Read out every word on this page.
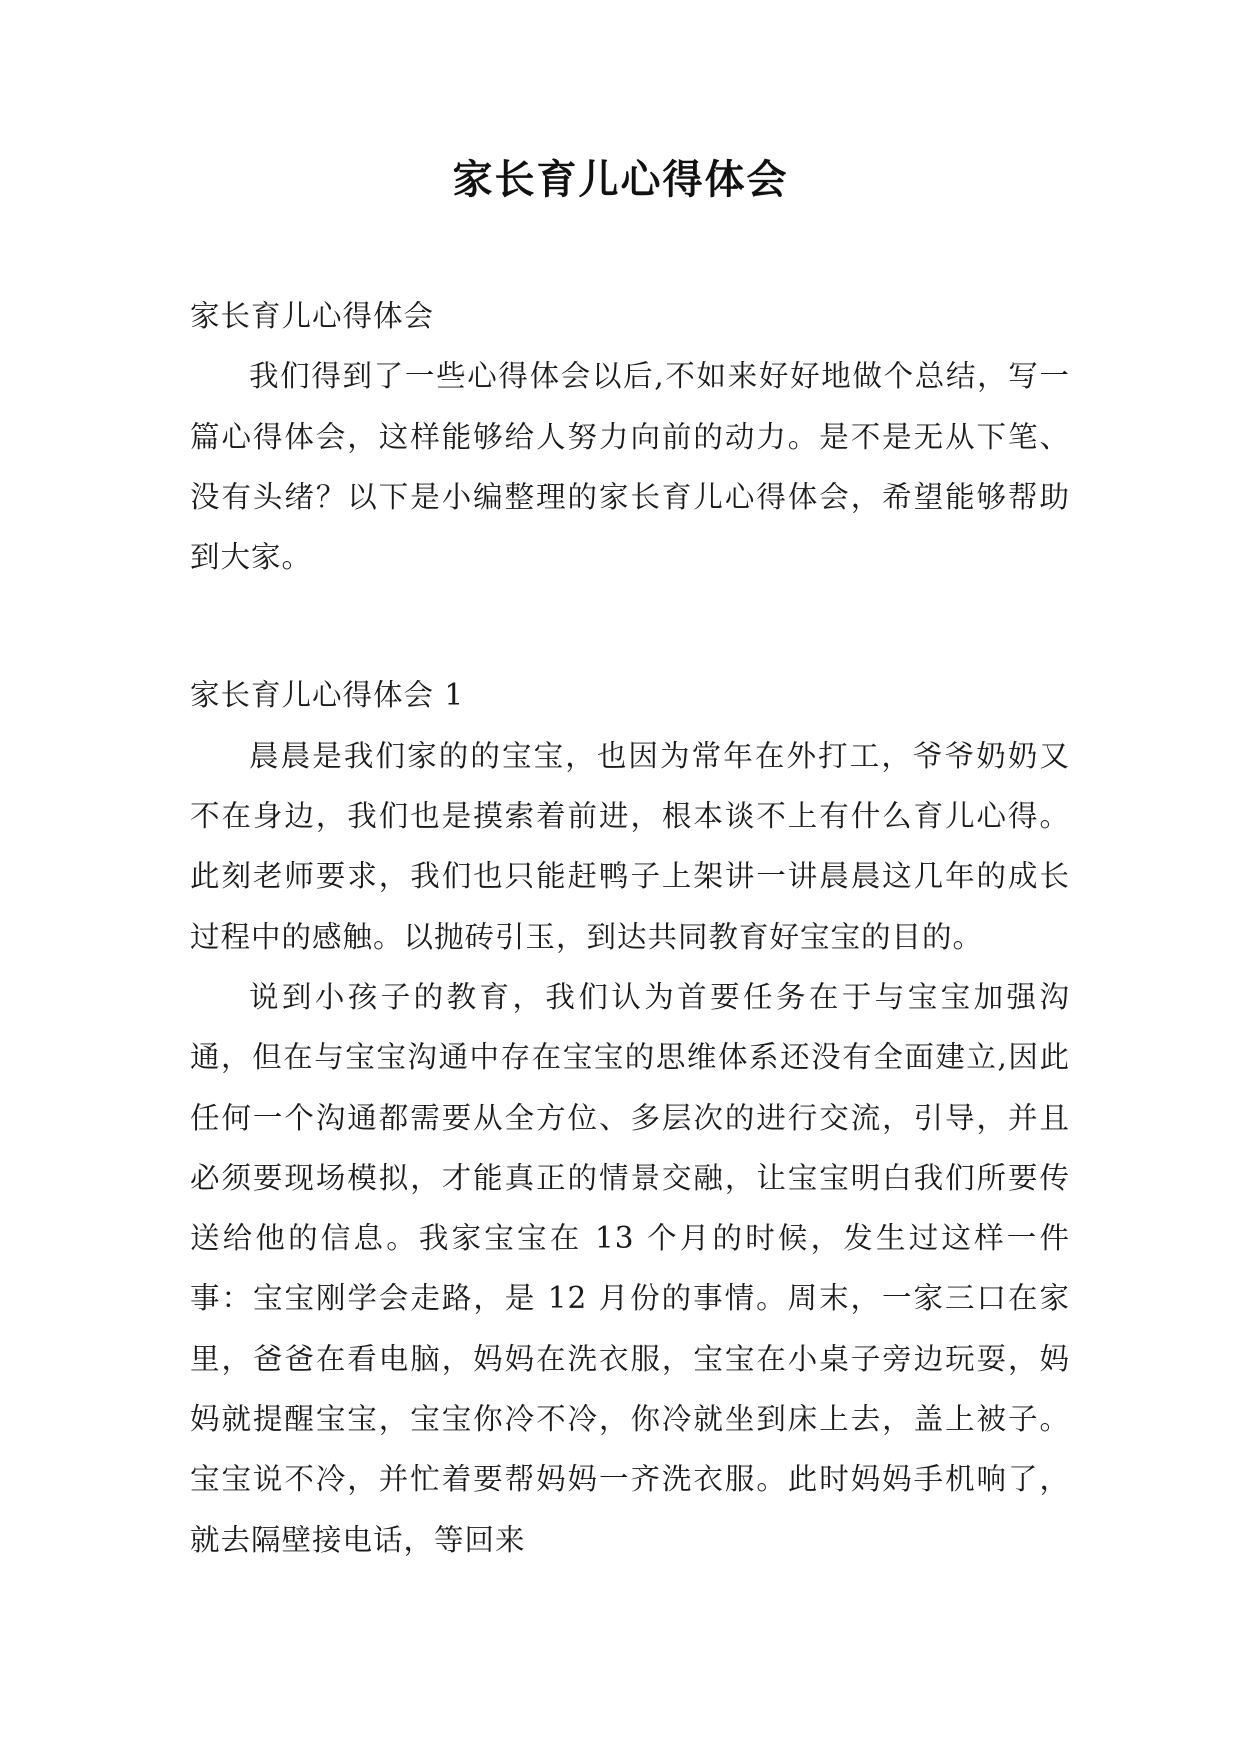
家长育儿心得体会

家长育儿心得体会

我们得到了一些心得体会以后,不如来好好地做个总结，写一篇心得体会，这样能够给人努力向前的动力。是不是无从下笔、没有头绪？以下是小编整理的家长育儿心得体会，希望能够帮助到大家。

家长育儿心得体会 1

晨晨是我们家的的宝宝，也因为常年在外打工，爷爷奶奶又不在身边，我们也是摸索着前进，根本谈不上有什么育儿心得。此刻老师要求，我们也只能赶鸭子上架讲一讲晨晨这几年的成长过程中的感触。以抛砖引玉，到达共同教育好宝宝的目的。

说到小孩子的教育，我们认为首要任务在于与宝宝加强沟通，但在与宝宝沟通中存在宝宝的思维体系还没有全面建立,因此任何一个沟通都需要从全方位、多层次的进行交流，引导，并且必须要现场模拟，才能真正的情景交融，让宝宝明白我们所要传送给他的信息。我家宝宝在 13 个月的时候，发生过这样一件事：宝宝刚学会走路，是 12 月份的事情。周末，一家三口在家里，爸爸在看电脑，妈妈在洗衣服，宝宝在小桌子旁边玩耍，妈妈就提醒宝宝，宝宝你冷不冷，你冷就坐到床上去，盖上被子。宝宝说不冷，并忙着要帮妈妈一齐洗衣服。此时妈妈手机响了，就去隔壁接电话，等回来
